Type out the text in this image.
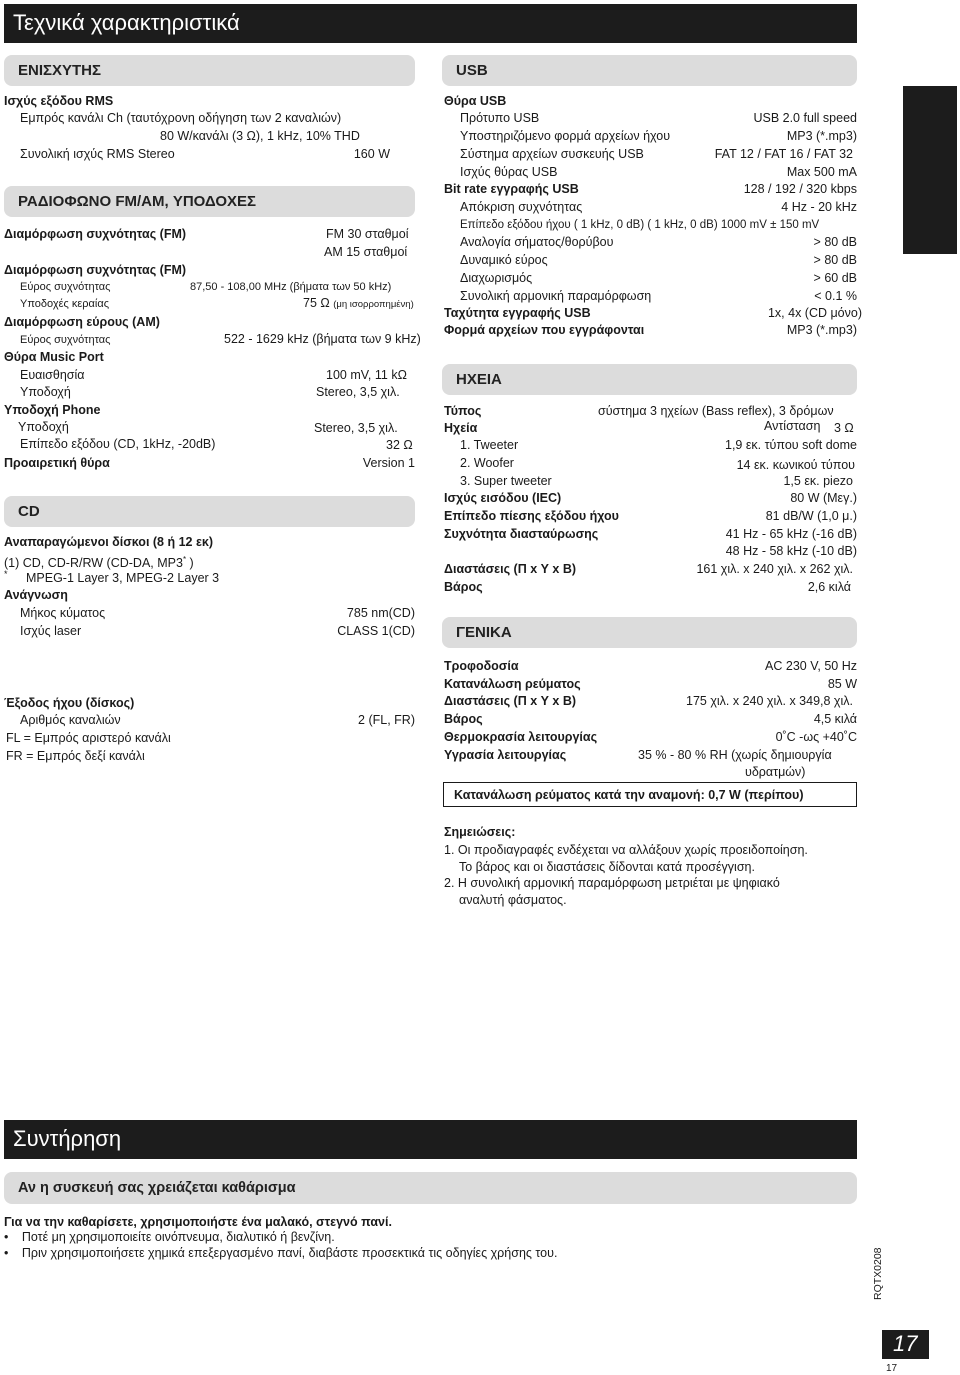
Τεχνικά χαρακτηριστικά
ΕΝΙΣΧΥΤΗΣ
Ισχύς εξόδου RMS
Εμπρός κανάλι Ch (ταυτόχρονη οδήγηση των 2 καναλιών)
80 W/κανάλι (3 Ω), 1 kHz, 10% THD
Συνολική ισχύς RMS Stereo	160 W
ΡΑΔΙΟΦΩΝΟ FM/AM, ΥΠΟΔΟΧΕΣ
Διαμόρφωση συχνότητας (FM)	FM 30 σταθμοί
AM 15 σταθμοί
Διαμόρφωση συχνότητας (FM)
Εύρος συχνότητας	87,50 - 108,00 MHz (βήματα των 50 kHz)
Υποδοχές κεραίας	75 Ω (μη ισορροπημένη)
Διαμόρφωση εύρους (AM)
Εύρος συχνότητας	522 - 1629 kHz (βήματα των 9 kHz)
Θύρα Music Port
Ευαισθησία	100 mV, 11 kΩ
Υποδοχή	Stereo, 3,5 χιλ.
Υποδοχή Phone
Υποδοχή	Stereo, 3,5 χιλ.
Επίπεδο εξόδου (CD, 1kHz, -20dB)	32 Ω
Προαιρετική θύρα	Version 1
CD
Αναπαραγώμενοι δίσκοι (8 ή 12 εκ)
(1) CD, CD-R/RW (CD-DA, MP3* )
* MPEG-1 Layer 3, MPEG-2 Layer 3
Ανάγνωση
Μήκος κύματος	785 nm(CD)
Ισχύς laser	CLASS 1(CD)
Έξοδος ήχου (δίσκος)
Αριθμός καναλιών	2 (FL, FR)
FL = Εμπρός αριστερό κανάλι
FR = Εμπρός δεξί κανάλι
USB
Θύρα USB
Πρότυπο USB	USB 2.0 full speed
Υποστηριζόμενο φορμά αρχείων ήχου	MP3 (*.mp3)
Σύστημα αρχείων συσκευής USB	FAT 12 / FAT 16 / FAT 32
Ισχύς θύρας USB	Max 500 mA
Bit rate εγγραφής USB	128 / 192 / 320 kbps
Απόκριση συχνότητας	4 Hz - 20 kHz
Επίπεδο εξόδου ήχου ( 1 kHz, 0 dB) ( 1 kHz, 0 dB) 1000 mV ± 150 mV
Αναλογία σήματος/θορύβου	> 80 dB
Δυναμικό εύρος	> 80 dB
Διαχωρισμός	> 60 dB
Συνολική αρμονική παραμόρφωση	< 0.1 %
Ταχύτητα εγγραφής USB	1x, 4x (CD μόνο)
Φορμά αρχείων που εγγράφονται	MP3 (*.mp3)
ΗΧΕΙΑ
Τύπος	σύστημα 3 ηχείων (Bass reflex), 3 δρόμων
Ηχεία	Αντίσταση 3 Ω
1. Tweeter	1,9 εκ. τύπου soft dome
2. Woofer	14 εκ. κωνικού τύπου
3. Super tweeter	1,5 εκ. piezo
Ισχύς εισόδου (IEC)	80 W (Μεγ.)
Επίπεδο πίεσης εξόδου ήχου	81 dB/W (1,0 μ.)
Συχνότητα διασταύρωσης	41 Hz - 65 kHz (-16 dB)
48 Hz - 58 kHz (-10 dB)
Διαστάσεις (Π x Υ x Β)	161 χιλ. x 240 χιλ. x 262 χιλ.
Βάρος	2,6 κιλά
ΓΕΝΙΚΑ
Τροφοδοσία	AC 230 V, 50 Hz
Κατανάλωση ρεύματος	85 W
Διαστάσεις (Π x Υ x Β)	175 χιλ. x 240 χιλ. x 349,8 χιλ.
Βάρος	4,5 κιλά
Θερμοκρασία λειτουργίας	0˚C -ως +40˚C
Υγρασία λειτουργίας	35 % - 80 % RH (χωρίς δημιουργία
υδρατμών)
Κατανάλωση ρεύματος κατά την αναμονή: 0,7 W (περίπου)
Σημειώσεις:
1. Οι προδιαγραφές ενδέχεται να αλλάξουν χωρίς προειδοποίηση.
Το βάρος και οι διαστάσεις δίδονται κατά προσέγγιση.
2. Η συνολική αρμονική παραμόρφωση μετριέται με ψηφιακό
αναλυτή φάσματος.
Συντήρηση
Αν η συσκευή σας χρειάζεται καθάρισμα
Για να την καθαρίσετε, χρησιμοποιήστε ένα μαλακό, στεγνό πανί.
• Ποτέ μη χρησιμοποιείτε οινόπνευμα, διαλυτικό ή βενζίνη.
• Πριν χρησιμοποιήσετε χημικά επεξεργασμένο πανί, διαβάστε προσεκτικά τις οδηγίες χρήσης του.	RQTX0208
17
17
